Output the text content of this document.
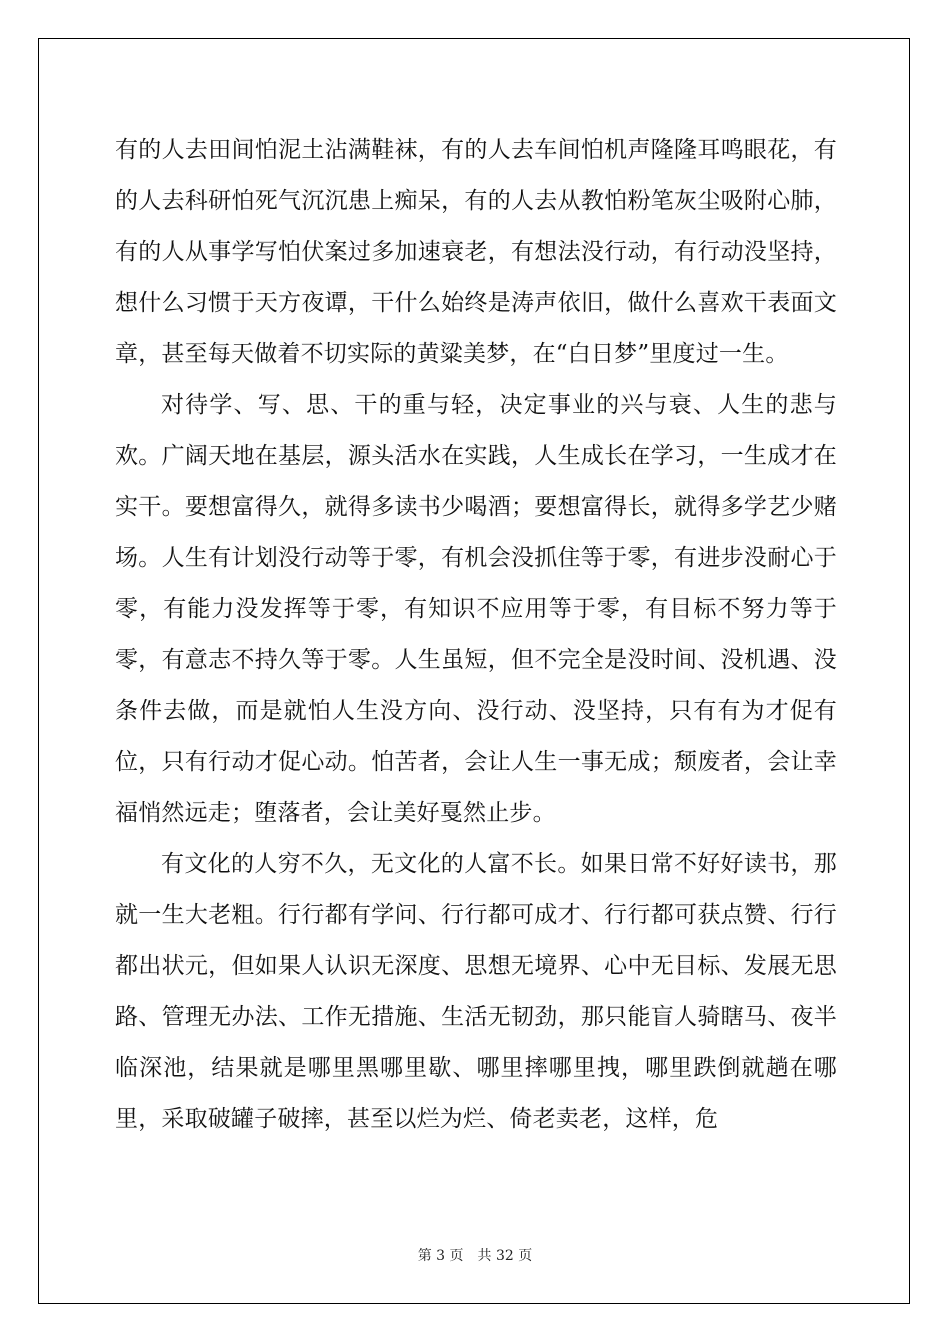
有的人去田间怕泥土沾满鞋袜，有的人去车间怕机声隆隆耳鸣眼花，有的人去科研怕死气沉沉患上痴呆，有的人去从教怕粉笔灰尘吸附心肺，有的人从事学写怕伏案过多加速衰老，有想法没行动，有行动没坚持，想什么习惯于天方夜谭，干什么始终是涛声依旧，做什么喜欢干表面文章，甚至每天做着不切实际的黄粱美梦，在“白日梦”里度过一生。

对待学、写、思、干的重与轻，决定事业的兴与衰、人生的悲与欢。广阔天地在基层，源头活水在实践，人生成长在学习，一生成才在实干。要想富得久，就得多读书少喝酒；要想富得长，就得多学艺少赌场。人生有计划没行动等于零，有机会没抓住等于零，有进步没耐心于零，有能力没发挥等于零，有知识不应用等于零，有目标不努力等于零，有意志不持久等于零。人生虽短，但不完全是没时间、没机遇、没条件去做，而是就怕人生没方向、没行动、没坚持，只有有为才促有位，只有行动才促心动。怕苦者，会让人生一事无成；颓废者，会让幸福悄然远走；堕落者，会让美好戛然止步。

有文化的人穷不久，无文化的人富不长。如果日常不好好读书，那就一生大老粗。行行都有学问、行行都可成才、行行都可获点赞、行行都出状元，但如果人认识无深度、思想无境界、心中无目标、发展无思路、管理无办法、工作无措施、生活无韧劲，那只能盲人骑瞎马、夜半临深池，结果就是哪里黑哪里歇、哪里摔哪里拽，哪里跌倒就趟在哪里，采取破罐子破摔，甚至以烂为烂、倚老卖老，这样，危

第 3 页　共 32 页
